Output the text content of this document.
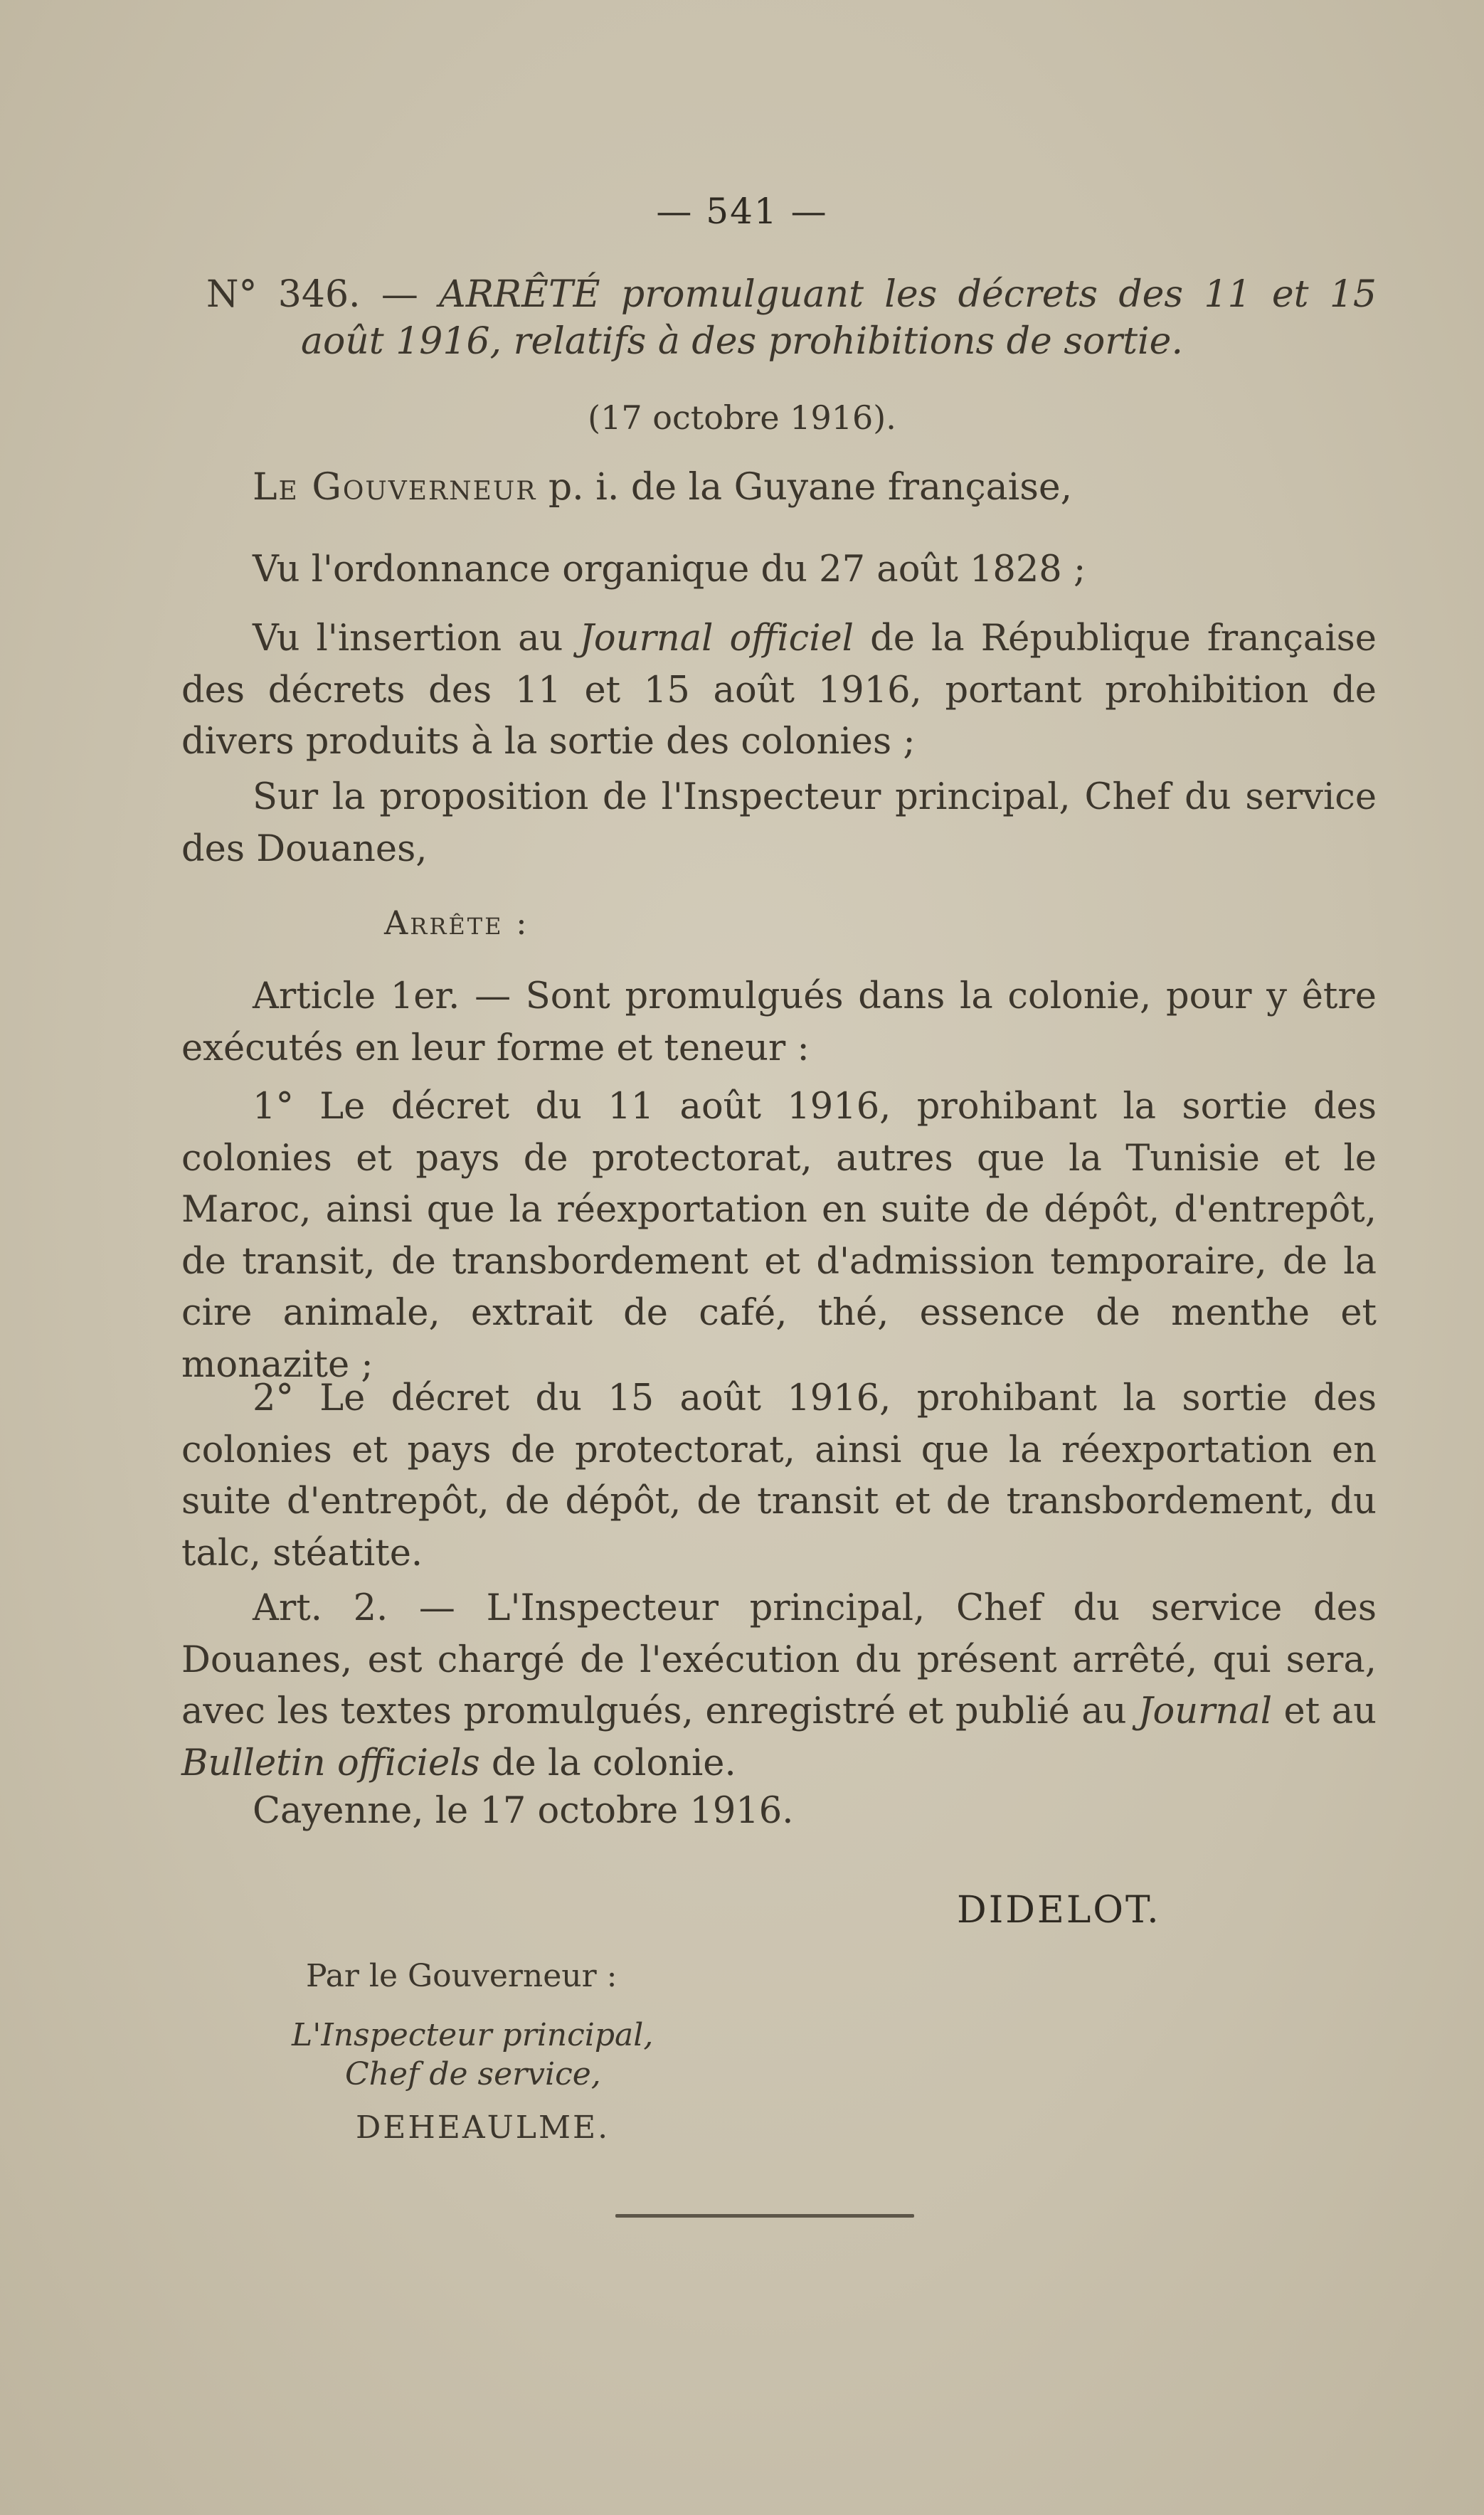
— 541 —
N° 346. — ARRÊTÉ promulguant les décrets des 11 et 15
août 1916, relatifs à des prohibitions de sortie.
(17 octobre 1916).
Le Gouverneur p. i. de la Guyane française,

Vu l'ordonnance organique du 27 août 1828 ;

Vu l'insertion au Journal officiel de la République française des décrets des 11 et 15 août 1916, portant prohibition de divers produits à la sortie des colonies ;

Sur la proposition de l'Inspecteur principal, Chef du service des Douanes,

Arrête :

Article 1er. — Sont promulgués dans la colonie, pour y être exécutés en leur forme et teneur :

1° Le décret du 11 août 1916, prohibant la sortie des colonies et pays de protectorat, autres que la Tunisie et le Maroc, ainsi que la réexportation en suite de dépôt, d'entrepôt, de transit, de transbordement et d'admission temporaire, de la cire animale, extrait de café, thé, essence de menthe et monazite ;

2° Le décret du 15 août 1916, prohibant la sortie des colonies et pays de protectorat, ainsi que la réexportation en suite d'entrepôt, de dépôt, de transit et de transbordement, du talc, stéatite.

Art. 2. — L'Inspecteur principal, Chef du service des Douanes, est chargé de l'exécution du présent arrêté, qui sera, avec les textes promulgués, enregistré et publié au Journal et au Bulletin officiels de la colonie.

Cayenne, le 17 octobre 1916.

DIDELOT.
Par le Gouverneur :
L'Inspecteur principal,
Chef de service,
DEHEAULME.
